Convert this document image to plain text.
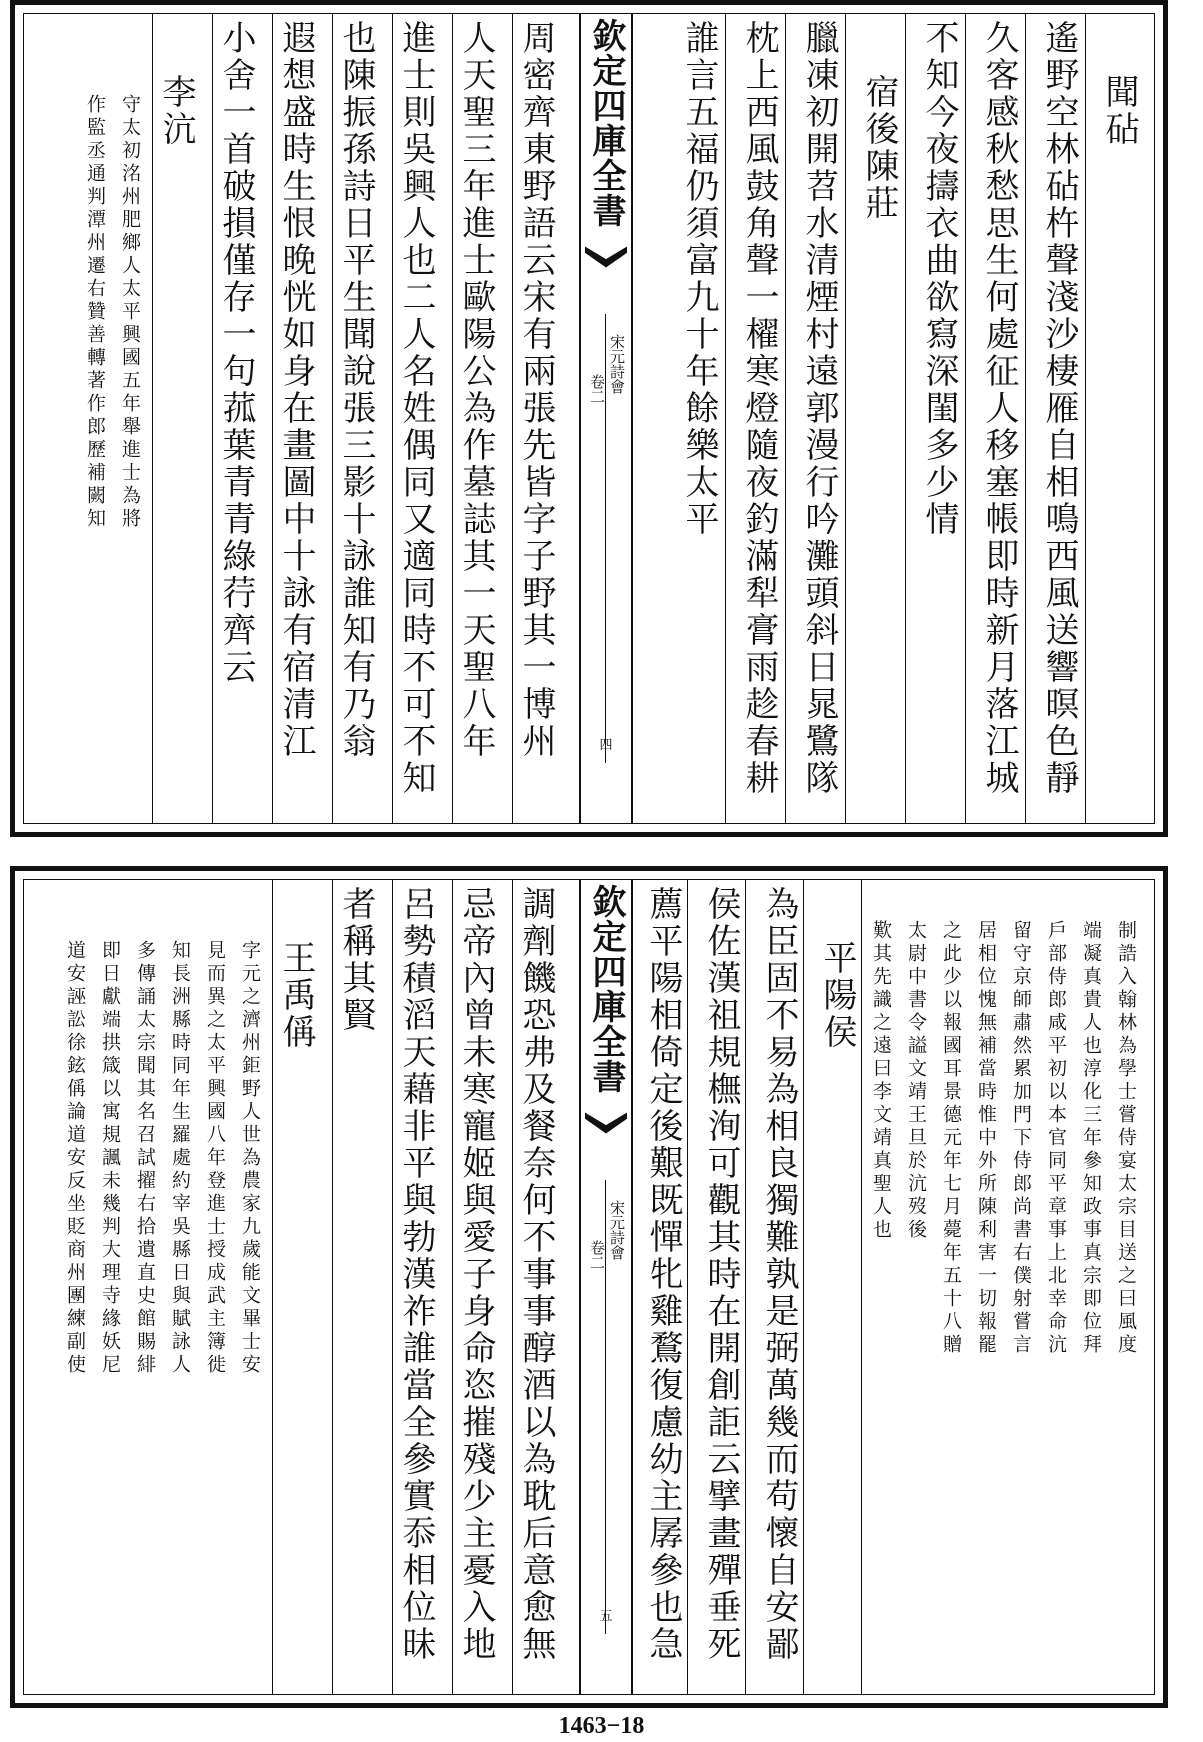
聞砧
遙野空林砧杵聲淺沙棲雁自相鳴西風送響暝色靜
久客感秋愁思生何處征人移塞帳即時新月落江城
不知今夜擣衣曲欲寫深閨多少情
宿後陳莊
臘凍初開苕水清煙村遠郭漫行吟灘頭斜日晁鷺隊
枕上西風鼓角聲一櫂寒燈隨夜釣滿犁膏雨趁春耕
誰言五福仍須富九十年餘樂太平
欽定四庫全書
宋元詩會
卷二
四
周密齊東野語云宋有兩張先皆字子野其一博州
人天聖三年進士歐陽公為作墓誌其一天聖八年
進士則吳興人也二人名姓偶同又適同時不可不知
也陳振孫詩日平生聞說張三影十詠誰知有乃翁
遐想盛時生恨晚恍如身在畫圖中十詠有宿清江
小舍一首破損僅存一句菰葉青青綠荇齊云
李沆
守太初洺州肥鄉人太平興國五年舉進士為將
作監丞通判潭州遷右贊善轉著作郎歷補闕知
制誥入翰林為學士嘗侍宴太宗目送之曰風度
端凝真貴人也淳化三年參知政事真宗即位拜
戶部侍郎咸平初以本官同平章事上北幸命沆
留守京師肅然累加門下侍郎尚書右僕射嘗言
居相位愧無補當時惟中外所陳利害一切報罷
之此少以報國耳景德元年七月薨年五十八贈
太尉中書令謚文靖王旦於沆歿後
歎其先識之遠曰李文靖真聖人也
平陽侯
為臣固不易為相良獨難孰是弼萬幾而苟懷自安鄙
侯佐漢祖規橅洵可觀其時在開創詎云擘畫殫垂死
薦平陽相倚定後艱既憚牝雞鶩復慮幼主孱參也急
欽定四庫全書
宋元詩會
卷二
五
調劑饑恐弗及餐奈何不事事醇酒以為耽后意愈無
忌帝內曾未寒寵姬與愛子身命恣摧殘少主憂入地
呂勢積滔天藉非平與勃漢祚誰當全參實忝相位昧
者稱其賢
王禹偁
字元之濟州鉅野人世為農家九歲能文畢士安
見而異之太平興國八年登進士授成武主簿徙
知長洲縣時同年生羅處約宰吳縣日與賦詠人
多傳誦太宗聞其名召試擢右拾遺直史館賜緋
即日獻端拱箴以寓規諷未幾判大理寺緣妖尼
道安誣訟徐鉉偁論道安反坐貶商州團練副使
1463−18
